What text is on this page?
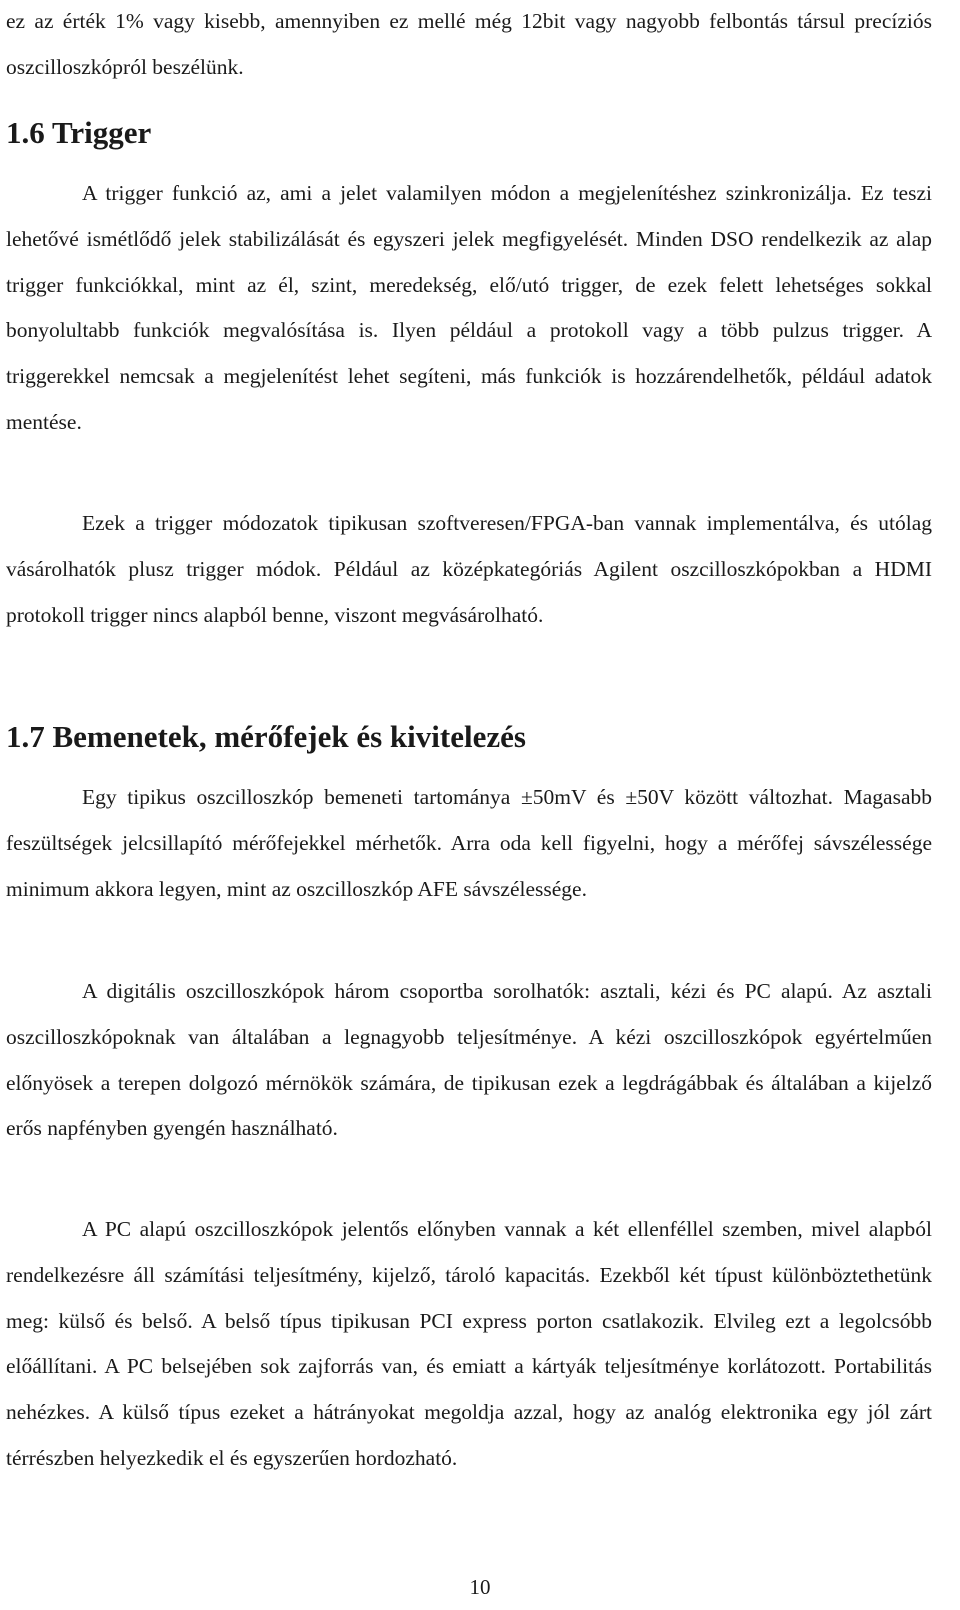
ez az érték 1% vagy kisebb, amennyiben ez mellé még 12bit vagy nagyobb felbontás társul precíziós oszcilloszkópról beszélünk.

1.6 Trigger

A trigger funkció az, ami a jelet valamilyen módon a megjelenítéshez szinkronizálja. Ez teszi lehetővé ismétlődő jelek stabilizálását és egyszeri jelek megfigyelését. Minden DSO rendelkezik az alap trigger funkciókkal, mint az él, szint, meredekség, elő/utó trigger, de ezek felett lehetséges sokkal bonyolultabb funkciók megvalósítása is. Ilyen például a protokoll vagy a több pulzus trigger. A triggerekkel nemcsak a megjelenítést lehet segíteni, más funkciók is hozzárendelhetők, például adatok mentése.

Ezek a trigger módozatok tipikusan szoftveresen/FPGA-ban vannak implementálva, és utólag vásárolhatók plusz trigger módok. Például az középkategóriás Agilent oszcilloszkópokban a HDMI protokoll trigger nincs alapból benne, viszont megvásárolható.

1.7 Bemenetek, mérőfejek és kivitelezés

Egy tipikus oszcilloszkóp bemeneti tartománya ±50mV és ±50V között változhat. Magasabb feszültségek jelcsillapító mérőfejekkel mérhetők. Arra oda kell figyelni, hogy a mérőfej sávszélessége minimum akkora legyen, mint az oszcilloszkóp AFE sávszélessége.

A digitális oszcilloszkópok három csoportba sorolhatók: asztali, kézi és PC alapú. Az asztali oszcilloszkópoknak van általában a legnagyobb teljesítménye. A kézi oszcilloszkópok egyértelműen előnyösek a terepen dolgozó mérnökök számára, de tipikusan ezek a legdrágábbak és általában a kijelző erős napfényben gyengén használható.

A PC alapú oszcilloszkópok jelentős előnyben vannak a két ellenféllel szemben, mivel alapból rendelkezésre áll számítási teljesítmény, kijelző, tároló kapacitás. Ezekből két típust különböztethetünk meg: külső és belső. A belső típus tipikusan PCI express porton csatlakozik. Elvileg ezt a legolcsóbb előállítani. A PC belsejében sok zajforrás van, és emiatt a kártyák teljesítménye korlátozott. Portabilitás nehézkes. A külső típus ezeket a hátrányokat megoldja azzal, hogy az analóg elektronika egy jól zárt térrészben helyezkedik el és egyszerűen hordozható.

10
